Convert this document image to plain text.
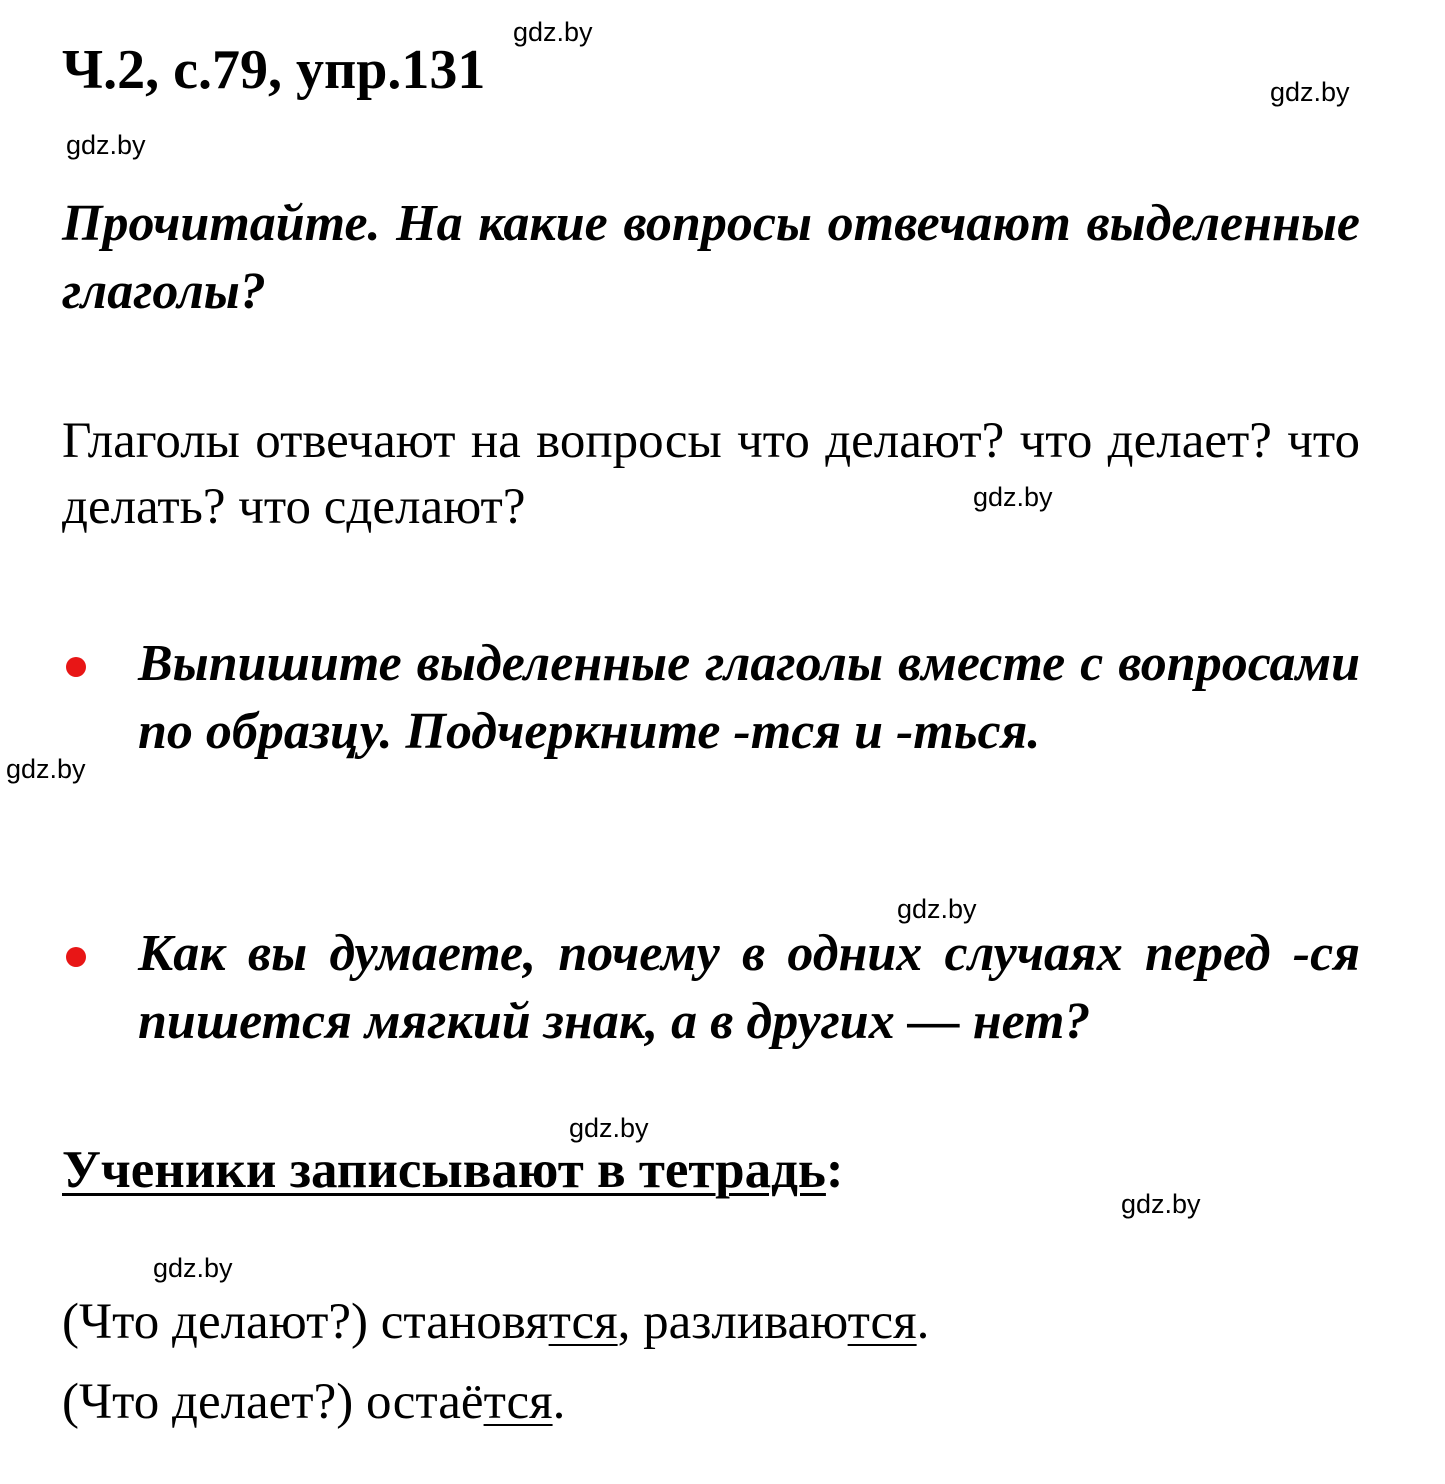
Ч.2, с.79, упр.131
gdz.by
gdz.by
gdz.by
Прочитайте. На какие вопросы отвечают выделенные глаголы?
Глаголы отвечают на вопросы что делают? что делает? что делать? что сделают?	gdz.by
Выпишите выделенные глаголы вместе с вопросами по образцу. Подчеркните -тся и -ться.
gdz.by
gdz.by
Как вы думаете, почему в одних случаях перед -ся пишется мягкий знак, а в других — нет?
gdz.by
Ученики записывают в тетрадь:
gdz.by
gdz.by
(Что делают?) становятся, разливаются.
(Что делает?) остаётся.
